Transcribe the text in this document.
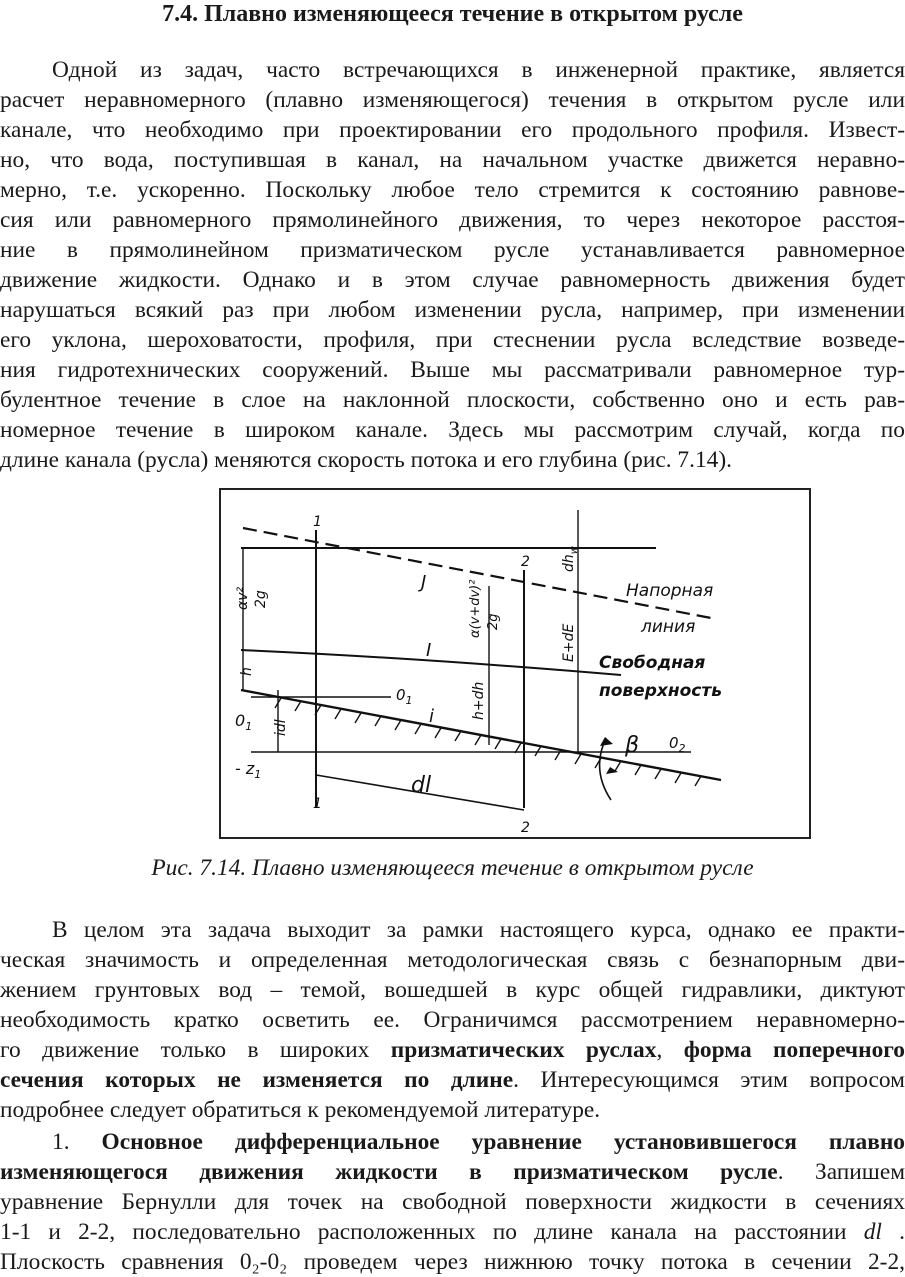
7.4. Плавно изменяющееся течение в открытом русле
Одной из задач, часто встречающихся в инженерной практике, является
расчет неравномерного (плавно изменяющегося) течения в открытом русле или
канале, что необходимо при проектировании его продольного профиля. Извест-
но, что вода, поступившая в канал, на начальном участке движется неравно-
мерно, т.е. ускоренно. Поскольку любое тело стремится к состоянию равнове-
сия или равномерного прямолинейного движения, то через некоторое расстоя-
ние в прямолинейном призматическом русле устанавливается равномерное
движение жидкости. Однако и в этом случае равномерность движения будет
нарушаться всякий раз при любом изменении русла, например, при изменении
его уклона, шероховатости, профиля, при стеснении русла вследствие возведе-
ния гидротехнических сооружений. Выше мы рассматривали равномерное тур-
булентное течение в слое на наклонной плоскости, собственно оно и есть рав-
номерное течение в широком канале. Здесь мы рассмотрим случай, когда по
длине канала (русла) меняются скорость потока и его глубина (рис. 7.14).
1
1
2
2
J
I
i
β
dl
$0_2$
$0_1$
$0_1$
- $z_1$
h
idl
h+dh
E+dE
αv² 2g	α(v+dv)² 2g
$dh_w$
Напорная
линия
Свободная
поверхность

Рис. 7.14. Плавно изменяющееся течение в открытом русле

В целом эта задача выходит за рамки настоящего курса, однако ее практи-
ческая значимость и определенная методологическая связь с безнапорным дви-
жением грунтовых вод – темой, вошедшей в курс общей гидравлики, диктуют
необходимость кратко осветить ее. Ограничимся рассмотрением неравномерно-
го движение только в широких призматических руслах, форма поперечного
сечения которых не изменяется по длине. Интересующимся этим вопросом
подробнее следует обратиться к рекомендуемой литературе.
1. Основное дифференциальное уравнение установившегося плавно
изменяющегося движения жидкости в призматическом русле. Запишем
уравнение Бернулли для точек на свободной поверхности жидкости в сечениях
1-1 и 2-2, последовательно расположенных по длине канала на расстоянии dl .
Плоскость сравнения 0₂-0₂ проведем через нижнюю точку потока в сечении 2-2,
